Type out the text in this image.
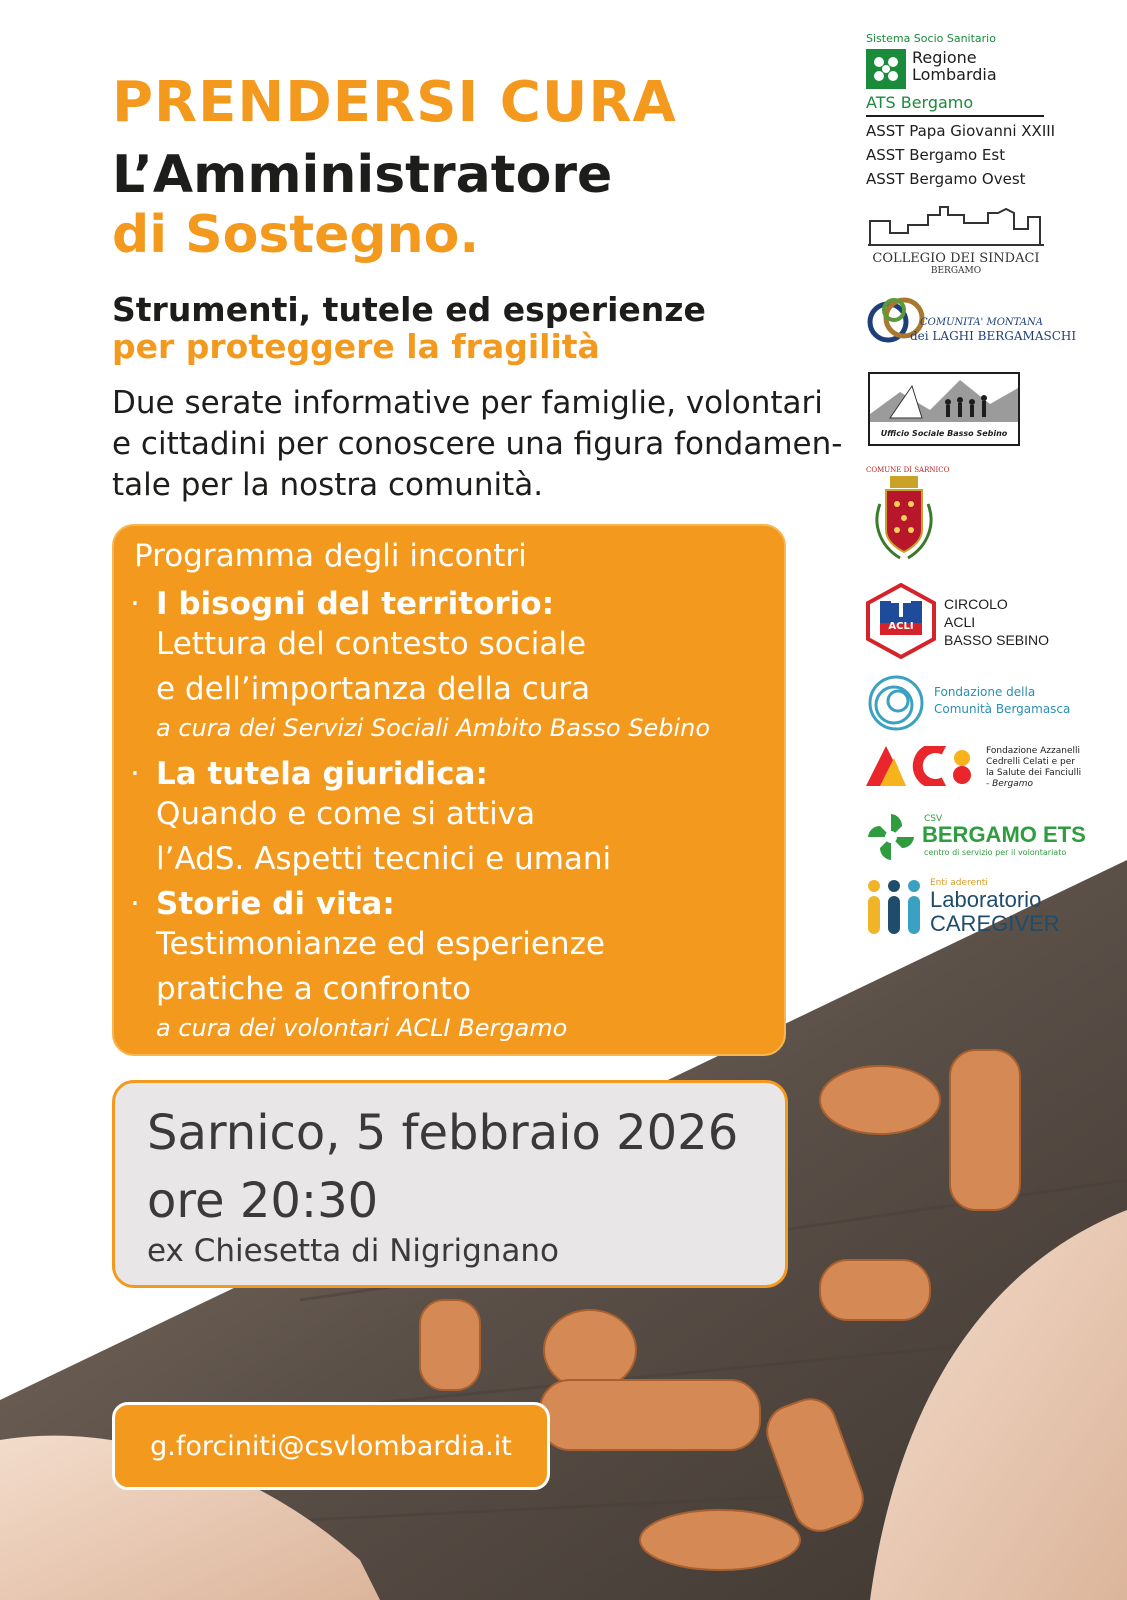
PRENDERSI CURA
L’Amministratore
di Sostegno.
Strumenti, tutele ed esperienze
per proteggere la fragilità

Due serate informative per famiglie, volontari
e cittadini per conoscere una figura fondamen-
tale per la nostra comunità.

Programma degli incontri
· I bisogni del territorio:
Lettura del contesto sociale
e dell’importanza della cura
a cura dei Servizi Sociali Ambito Basso Sebino
· La tutela giuridica:
Quando e come si attiva
l’AdS. Aspetti tecnici e umani
· Storie di vita:
Testimonianze ed esperienze
pratiche a confronto
a cura dei volontari ACLI Bergamo
Sarnico, 5 febbraio 2026
ore 20:30
ex Chiesetta di Nigrignano
g.forciniti@csvlombardia.it
Sistema Socio Sanitario
Regione
Lombardia
ATS Bergamo
ASST Papa Giovanni XXIII
ASST Bergamo Est
ASST Bergamo Ovest
COLLEGIO DEI SINDACI
BERGAMO
COMUNITA' MONTANA
dei LAGHI BERGAMASCHI
Ufficio Sociale Basso Sebino
COMUNE DI SARNICO
ACLI
CIRCOLO
ACLI
BASSO SEBINO
Fondazione della
Comunità Bergamasca
Fondazione Azzanelli
Cedrelli Celati e per
la Salute dei Fanciulli
- Bergamo
CSV
BERGAMO ETS
centro di servizio per il volontariato
Enti aderenti
Laboratorio
CAREGIVER
